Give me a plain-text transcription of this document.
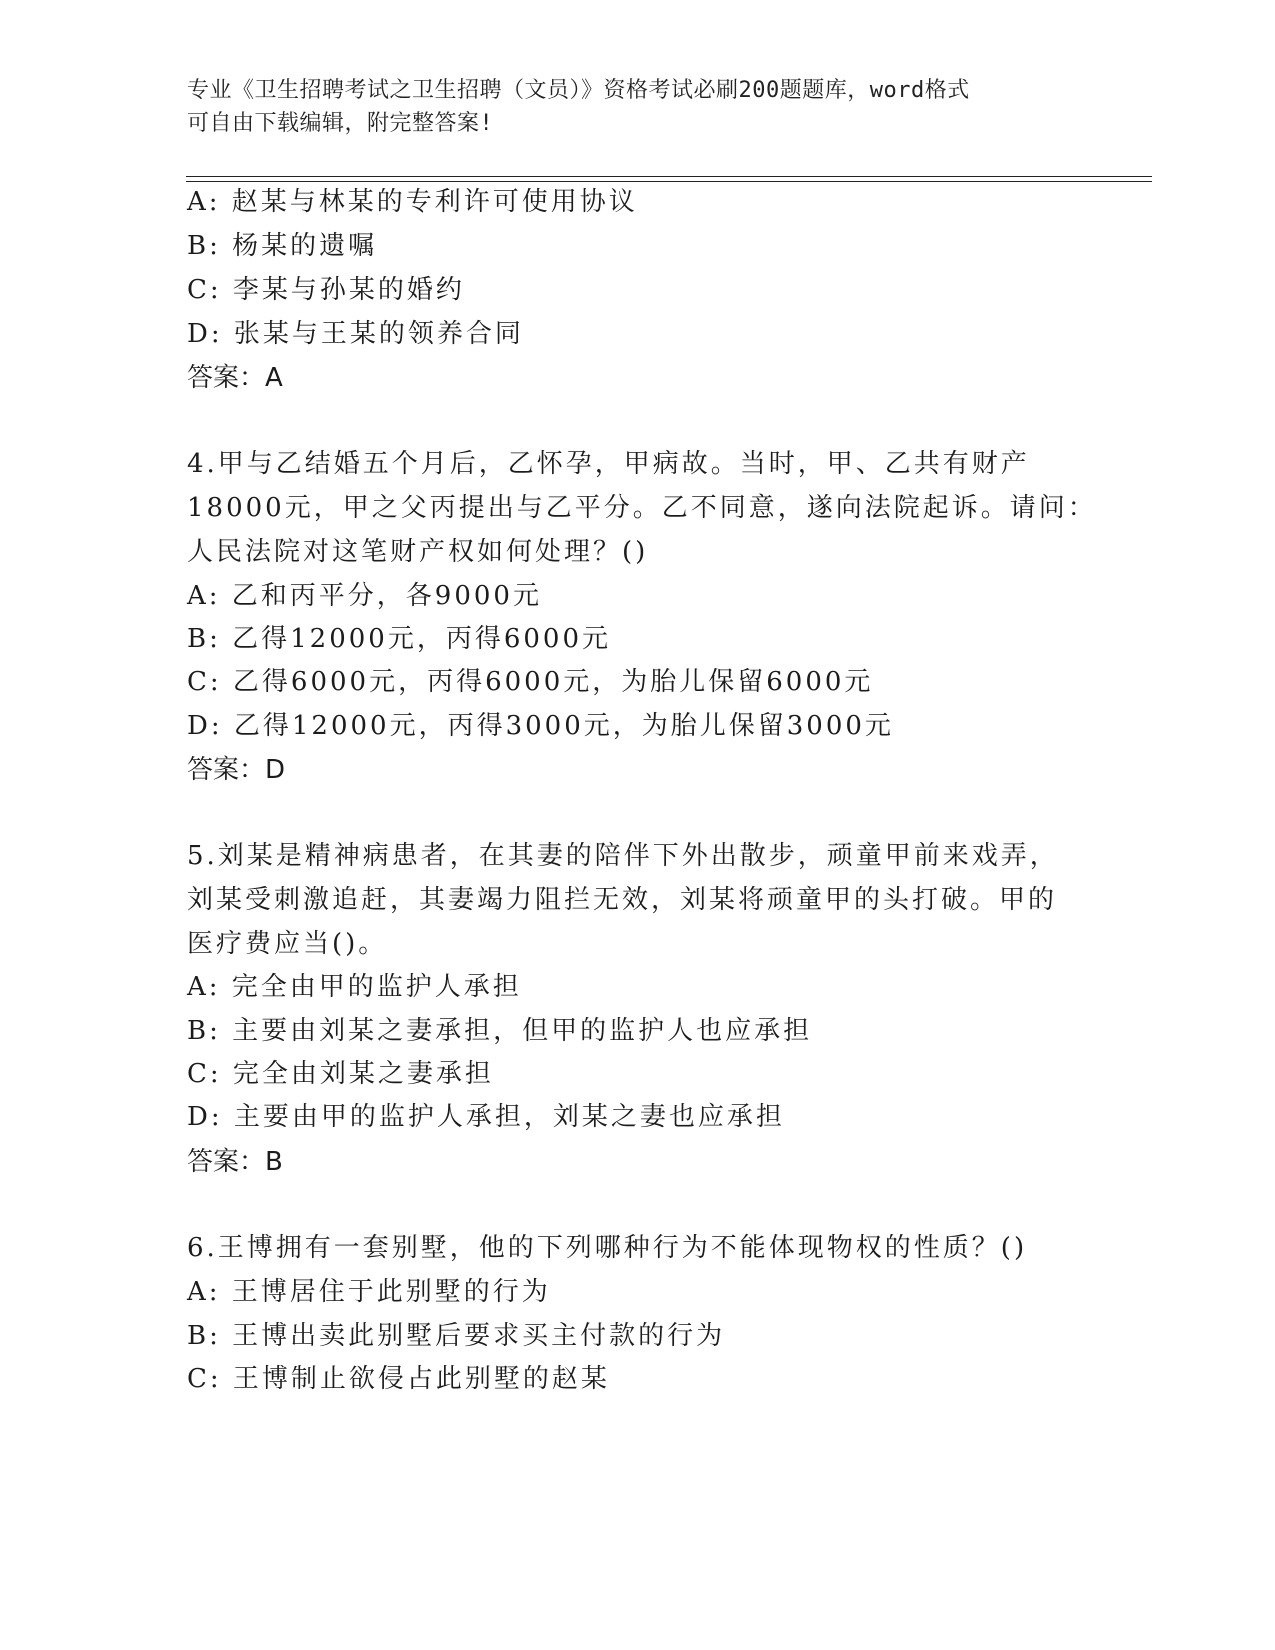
专业《卫生招聘考试之卫生招聘（文员）》资格考试必刷200题题库，word格式
可自由下载编辑，附完整答案!
A: 赵某与林某的专利许可使用协议
B: 杨某的遗嘱
C: 李某与孙某的婚约
D: 张某与王某的领养合同
答案：A
4.甲与乙结婚五个月后，乙怀孕，甲病故。当时，甲、乙共有财产
18000元，甲之父丙提出与乙平分。乙不同意，遂向法院起诉。请问：
人民法院对这笔财产权如何处理？()
A: 乙和丙平分，各9000元
B: 乙得12000元，丙得6000元
C: 乙得6000元，丙得6000元，为胎儿保留6000元
D: 乙得12000元，丙得3000元，为胎儿保留3000元
答案：D
5.刘某是精神病患者，在其妻的陪伴下外出散步，顽童甲前来戏弄，
刘某受刺激追赶，其妻竭力阻拦无效，刘某将顽童甲的头打破。甲的
医疗费应当()。
A: 完全由甲的监护人承担
B: 主要由刘某之妻承担，但甲的监护人也应承担
C: 完全由刘某之妻承担
D: 主要由甲的监护人承担，刘某之妻也应承担
答案：B
6.王博拥有一套别墅，他的下列哪种行为不能体现物权的性质？()
A: 王博居住于此别墅的行为
B: 王博出卖此别墅后要求买主付款的行为
C: 王博制止欲侵占此别墅的赵某
